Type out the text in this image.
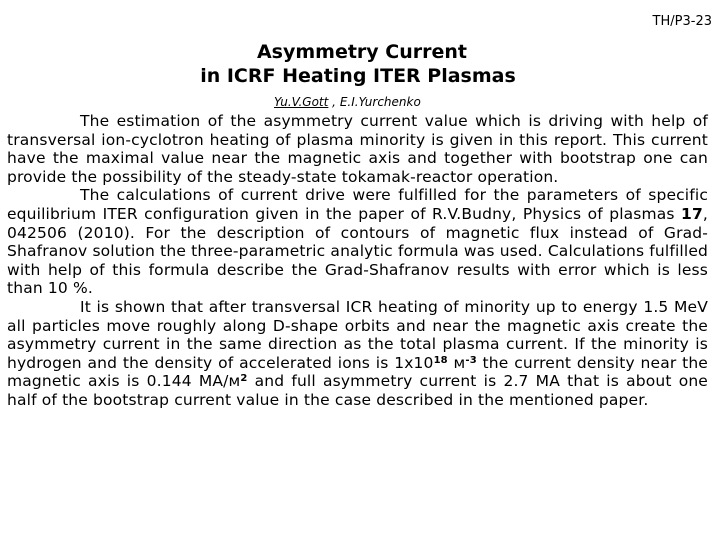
TH/P3-23

Asymmetry Current
in ICRF Heating ITER Plasmas

Yu.V.Gott , E.I.Yurchenko

The estimation of the asymmetry current value which is driving with help of transversal ion-cyclotron heating of plasma minority is given in this report. This current have the maximal value near the magnetic axis and together with bootstrap one can provide the possibility of the steady-state tokamak-reactor operation.

The calculations of current drive were fulfilled for the parameters of specific equilibrium ITER configuration given in the paper of R.V.Budny, Physics of plasmas 17, 042506 (2010). For the description of contours of magnetic flux instead of Grad-Shafranov solution the three-parametric analytic formula was used. Calculations fulfilled with help of this formula describe the Grad-Shafranov results with error which is less than 10 %.

It is shown that after transversal ICR heating of minority up to energy 1.5 MeV all particles move roughly along D-shape orbits and near the magnetic axis create the asymmetry current in the same direction as the total plasma current. If the minority is hydrogen and the density of accelerated ions is $1x10^{18}$ $м^{-3}$ the current density near the magnetic axis is 0.144 $MA/м^2$ and full asymmetry current is 2.7 MA that is about one half of the bootstrap current value in the case described in the mentioned paper.
